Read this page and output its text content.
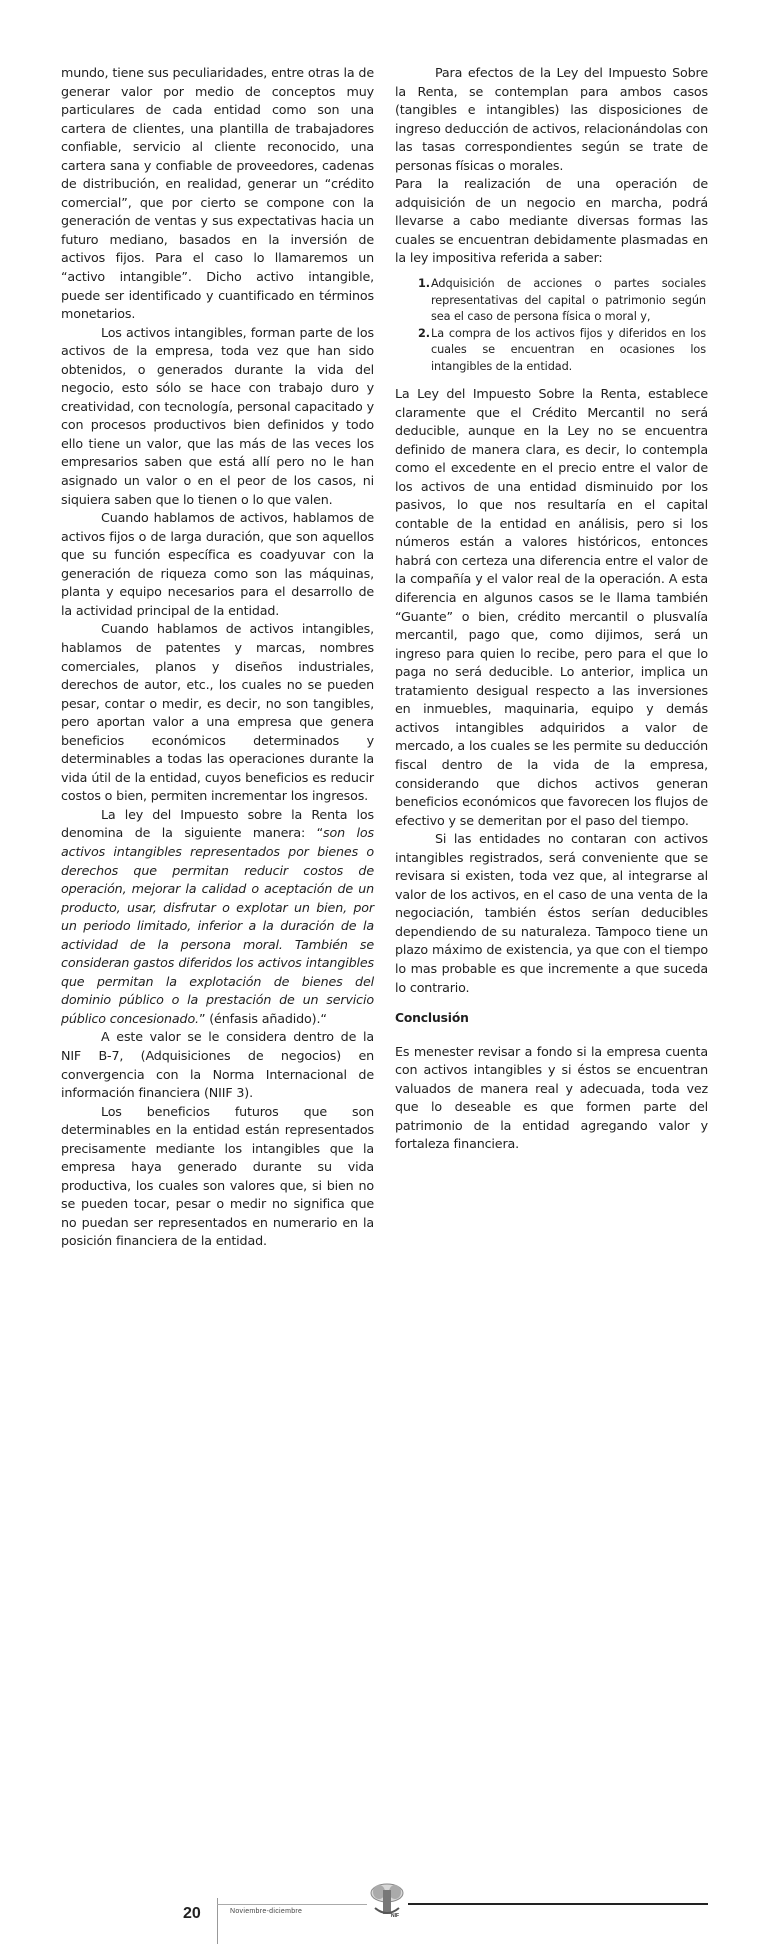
mundo, tiene sus peculiaridades, entre otras la de generar valor por medio de conceptos muy particulares de cada entidad como son una cartera de clientes, una plantilla de trabajadores confiable, servicio al cliente reconocido, una cartera sana y confiable de proveedores, cadenas de distribución, en realidad, generar un “crédito comercial”, que por cierto se compone con la generación de ventas y sus expectativas hacia un futuro mediano, basados en la inversión de activos fijos. Para el caso lo llamaremos un “activo intangible”. Dicho activo intangible, puede ser identificado y cuantificado en términos monetarios.

Los activos intangibles, forman parte de los activos de la empresa, toda vez que han sido obtenidos, o generados durante la vida del negocio, esto sólo se hace con trabajo duro y creatividad, con tecnología, personal capacitado y con procesos productivos bien definidos y todo ello tiene un valor, que las más de las veces los empresarios saben que está allí pero no le han asignado un valor o en el peor de los casos, ni siquiera saben que lo tienen o lo que valen.

Cuando hablamos de activos, hablamos de activos fijos o de larga duración, que son aquellos que su función específica es coadyuvar con la generación de riqueza como son las máquinas, planta y equipo necesarios para el desarrollo de la actividad principal de la entidad.

Cuando hablamos de activos intangibles, hablamos de patentes y marcas, nombres comerciales, planos y diseños industriales, derechos de autor, etc., los cuales no se pueden pesar, contar o medir, es decir, no son tangibles, pero aportan valor a una empresa que genera beneficios económicos determinados y determinables a todas las operaciones durante la vida útil de la entidad, cuyos beneficios es reducir costos o bien, permiten incrementar los ingresos.

La ley del Impuesto sobre la Renta los denomina de la siguiente manera: “son los activos intangibles representados por bienes o derechos que permitan reducir costos de operación, mejorar la calidad o aceptación de un producto, usar, disfrutar o explotar un bien, por un periodo limitado, inferior a la duración de la actividad de la persona moral. También se consideran gastos diferidos los activos intangibles que permitan la explotación de bienes del dominio público o la prestación de un servicio público concesionado.” (énfasis añadido).“

A este valor se le considera dentro de la NIF B-7, (Adquisiciones de negocios) en convergencia con la Norma Internacional de información financiera (NIIF 3).

Los beneficios futuros que son determinables en la entidad están representados precisamente mediante los intangibles que la empresa haya generado durante su vida productiva, los cuales son valores que, si bien no se pueden tocar, pesar o medir no significa que no puedan ser representados en numerario en la posición financiera de la entidad.

Para efectos de la Ley del Impuesto Sobre la Renta, se contemplan para ambos casos (tangibles e intangibles) las disposiciones de ingreso deducción de activos, relacionándolas con las tasas correspondientes según se trate de personas físicas o morales.

Para la realización de una operación de adquisición de un negocio en marcha, podrá llevarse a cabo mediante diversas formas las cuales se encuentran debidamente plasmadas en la ley impositiva referida a saber:

1. Adquisición de acciones o partes sociales representativas del capital o patrimonio según sea el caso de persona física o moral y,
2. La compra de los activos fijos y diferidos en los cuales se encuentran en ocasiones los intangibles de la entidad.

La Ley del Impuesto Sobre la Renta, establece claramente que el Crédito Mercantil no será deducible, aunque en la Ley no se encuentra definido de manera clara, es decir, lo contempla como el excedente en el precio entre el valor de los activos de una entidad disminuido por los pasivos, lo que nos resultaría en el capital contable de la entidad en análisis, pero si los números están a valores históricos, entonces habrá con certeza una diferencia entre el valor de la compañía y el valor real de la operación. A esta diferencia en algunos casos se le llama también “Guante” o bien, crédito mercantil o plusvalía mercantil, pago que, como dijimos, será un ingreso para quien lo recibe, pero para el que lo paga no será deducible. Lo anterior, implica un tratamiento desigual respecto a las inversiones en inmuebles, maquinaria, equipo y demás activos intangibles adquiridos a valor de mercado, a los cuales se les permite su deducción fiscal dentro de la vida de la empresa, considerando que dichos activos generan beneficios económicos que favorecen los flujos de efectivo y se demeritan por el paso del tiempo.

Si las entidades no contaran con activos intangibles registrados, será conveniente que se revisara si existen, toda vez que, al integrarse al valor de los activos, en el caso de una venta de la negociación, también éstos serían deducibles dependiendo de su naturaleza. Tampoco tiene un plazo máximo de existencia, ya que con el tiempo lo mas probable es que incremente a que suceda lo contrario.

Conclusión

Es menester revisar a fondo si la empresa cuenta con activos intangibles y si éstos se encuentran valuados de manera real y adecuada, toda vez que lo deseable es que formen parte del patrimonio de la entidad agregando valor y fortaleza financiera.

20	Noviembre-diciembre
NIF
